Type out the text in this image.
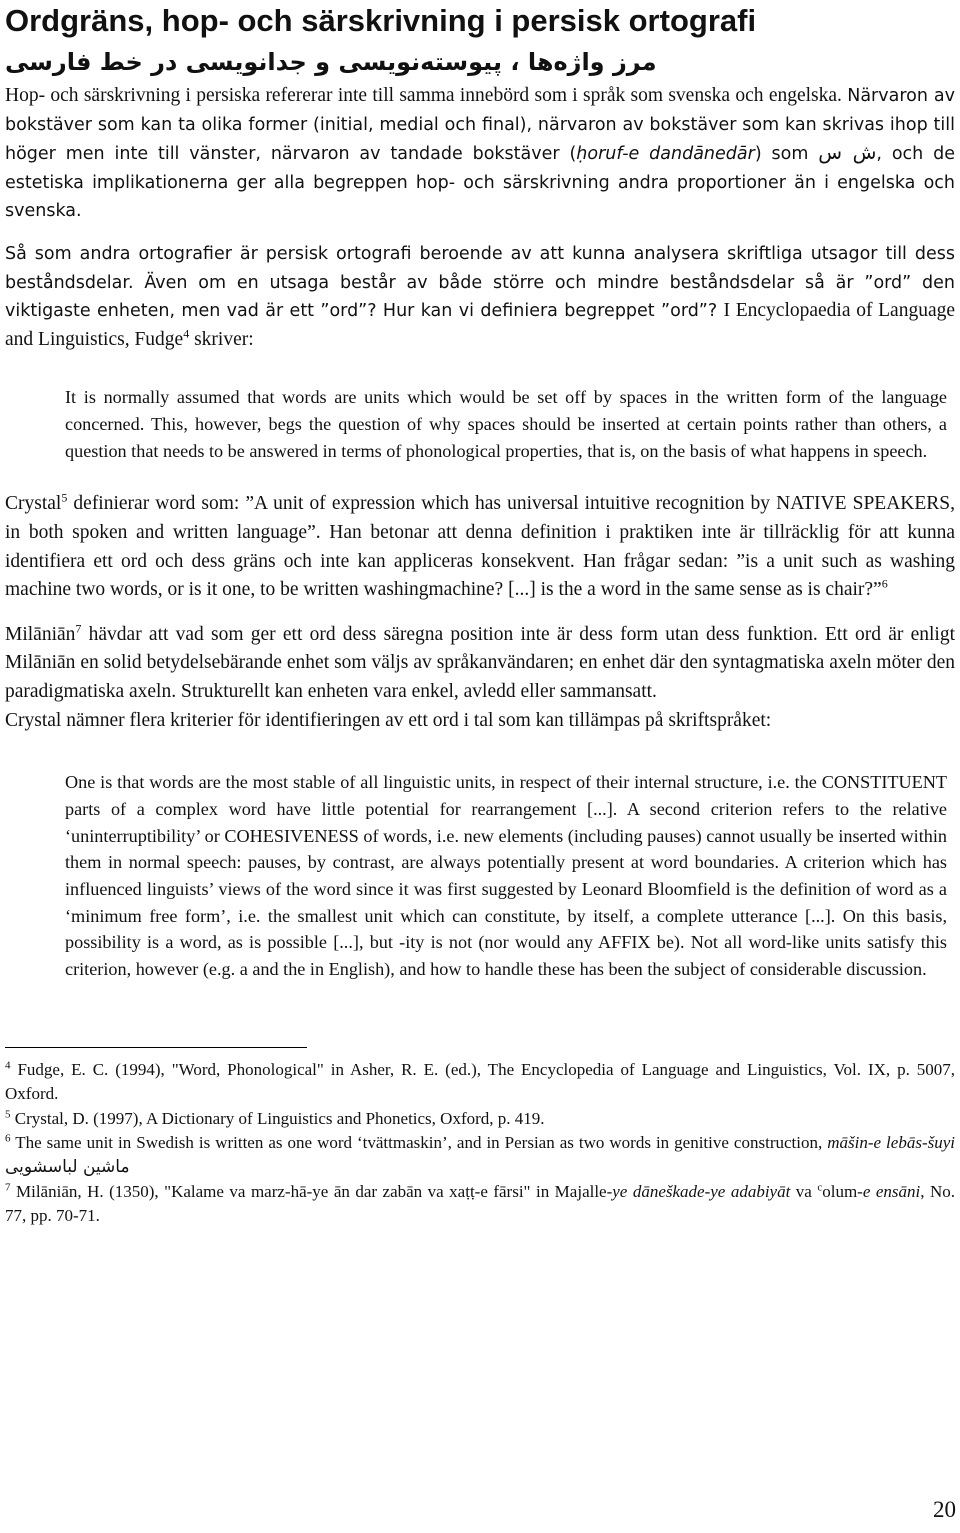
Ordgräns, hop- och särskrivning i persisk ortografi
مرز واژه‌ها ، پیوسته‌نویسی و جدانویسی در خط فارسی

Hop- och särskrivning i persiska refererar inte till samma innebörd som i språk som svenska och engelska. Närvaron av bokstäver som kan ta olika former (initial, medial och final), närvaron av bokstäver som kan skrivas ihop till höger men inte till vänster, närvaron av tandade bokstäver (ḥoruf-e dandānedār) som ش س, och de estetiska implikationerna ger alla begreppen hop- och särskrivning andra proportioner än i engelska och svenska.

Så som andra ortografier är persisk ortografi beroende av att kunna analysera skriftliga utsagor till dess beståndsdelar. Även om en utsaga består av både större och mindre beståndsdelar så är ”ord” den viktigaste enheten, men vad är ett ”ord”? Hur kan vi definiera begreppet ”ord”? I Encyclopaedia of Language and Linguistics, Fudge$^4$ skriver:

It is normally assumed that words are units which would be set off by spaces in the written form of the language concerned. This, however, begs the question of why spaces should be inserted at certain points rather than others, a question that needs to be answered in terms of phonological properties, that is, on the basis of what happens in speech.

Crystal$^5$ definierar word som: ”A unit of expression which has universal intuitive recognition by NATIVE SPEAKERS, in both spoken and written language”. Han betonar att denna definition i praktiken inte är tillräcklig för att kunna identifiera ett ord och dess gräns och inte kan appliceras konsekvent. Han frågar sedan: ”is a unit such as washing machine two words, or is it one, to be written washingmachine? [...] is the a word in the same sense as is chair?”$^6$

Milāniān$^7$ hävdar att vad som ger ett ord dess säregna position inte är dess form utan dess funktion. Ett ord är enligt Milāniān en solid betydelsebärande enhet som väljs av språkanvändaren; en enhet där den syntagmatiska axeln möter den paradigmatiska axeln. Strukturellt kan enheten vara enkel, avledd eller sammansatt.

Crystal nämner flera kriterier för identifieringen av ett ord i tal som kan tillämpas på skriftspråket:

One is that words are the most stable of all linguistic units, in respect of their internal structure, i.e. the CONSTITUENT parts of a complex word have little potential for rearrangement [...]. A second criterion refers to the relative ‘uninterruptibility’ or COHESIVENESS of words, i.e. new elements (including pauses) cannot usually be inserted within them in normal speech: pauses, by contrast, are always potentially present at word boundaries. A criterion which has influenced linguists’ views of the word since it was first suggested by Leonard Bloomfield is the definition of word as a ‘minimum free form’, i.e. the smallest unit which can constitute, by itself, a complete utterance [...]. On this basis, possibility is a word, as is possible [...], but -ity is not (nor would any AFFIX be). Not all word-like units satisfy this criterion, however (e.g. a and the in English), and how to handle these has been the subject of considerable discussion.

$^4$ Fudge, E. C. (1994), "Word, Phonological" in Asher, R. E. (ed.), The Encyclopedia of Language and Linguistics, Vol. IX, p. 5007, Oxford.

$^5$ Crystal, D. (1997), A Dictionary of Linguistics and Phonetics, Oxford, p. 419.

$^6$ The same unit in Swedish is written as one word ‘tvättmaskin’, and in Persian as two words in genitive construction, māšin-e lebās-šuyi ماشین لباسشویی

$^7$ Milāniān, H. (1350), "Kalame va marz-hā-ye ān dar zabān va xaṭṭ-e fārsi" in Majalle-ye dāneškade-ye adabiyāt va $^c$olum-e ensāni, No. 77, pp. 70-71.

20
